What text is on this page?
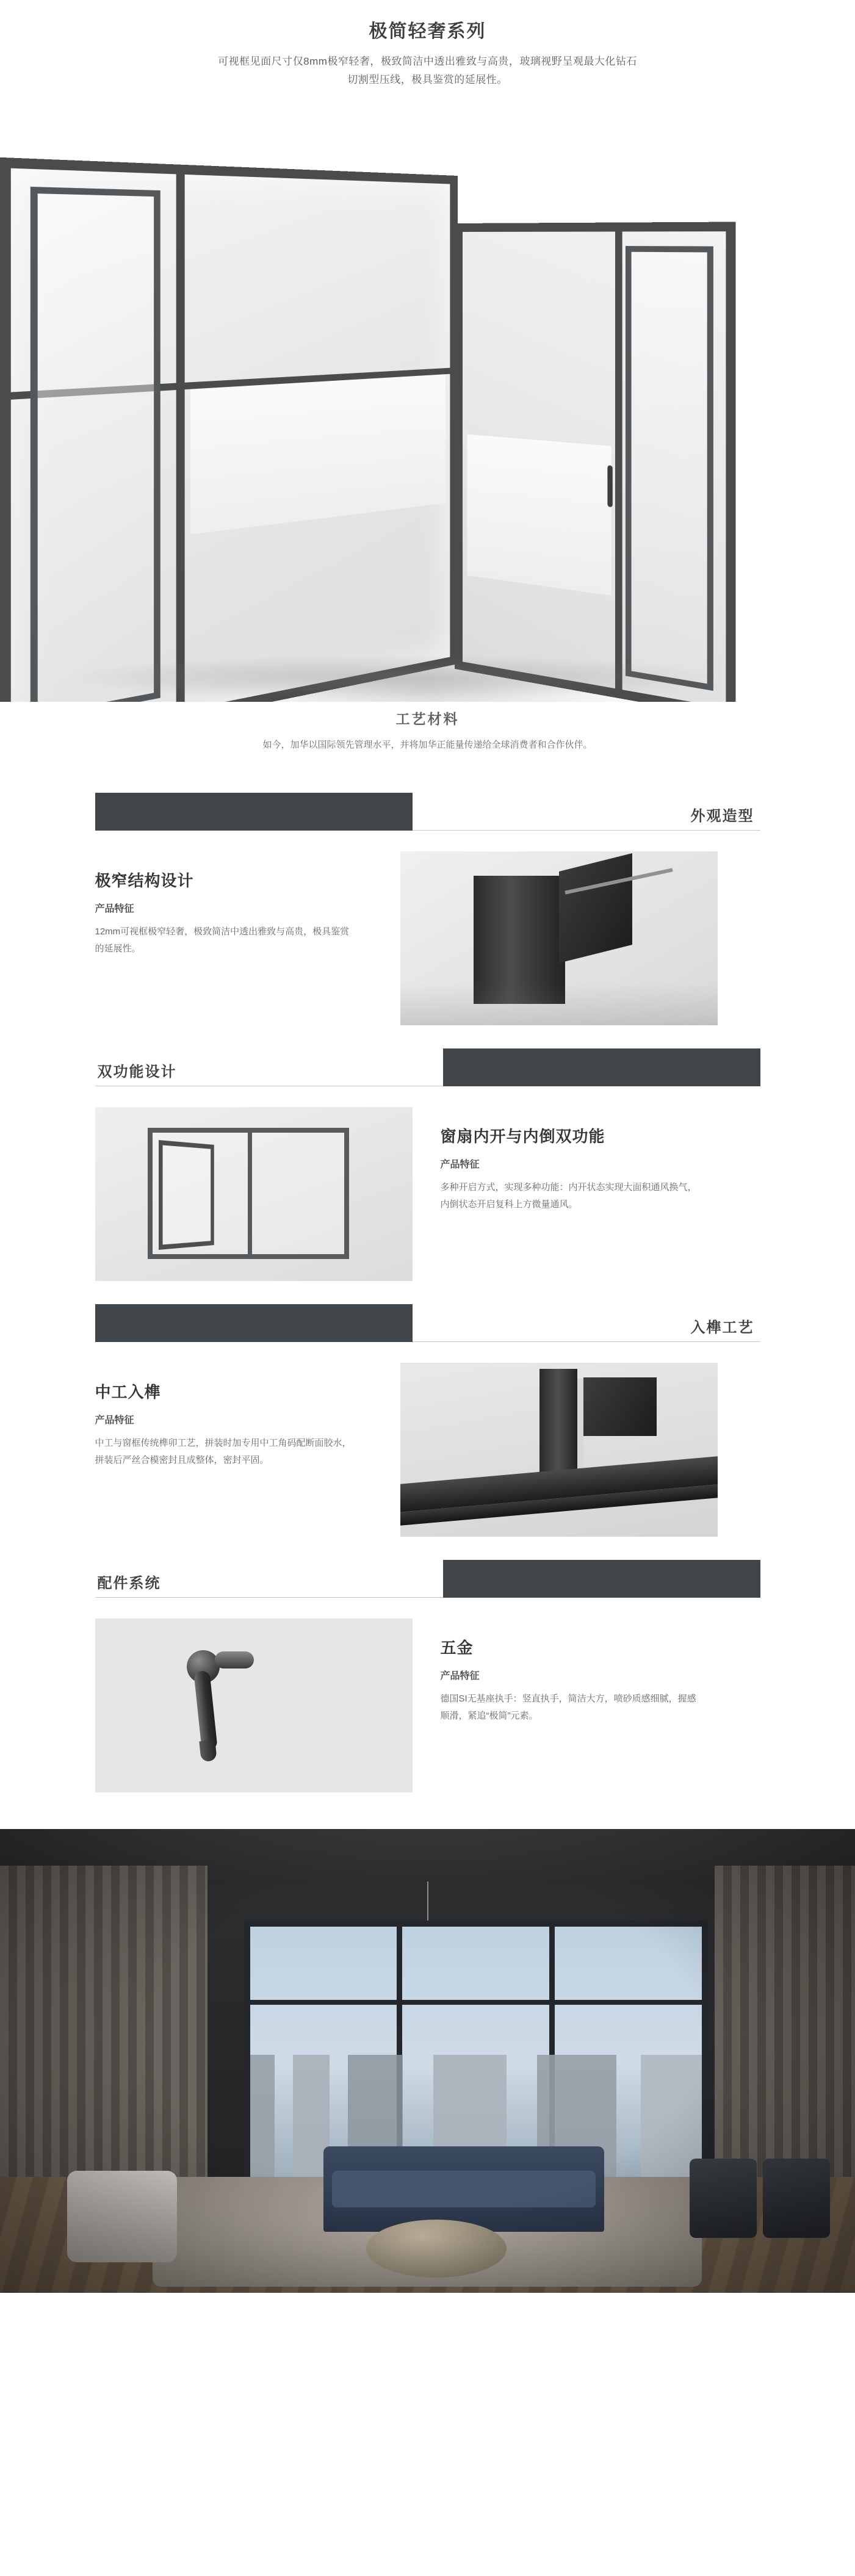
极简轻奢系列

可视框见面尺寸仅8mm极窄轻奢，极致简洁中透出雅致与高贵，玻璃视野呈观最大化钻石切割型压线，极具鉴赏的延展性。

工艺材料

如今，加华以国际领先管理水平，并将加华正能量传递给全球消费者和合作伙伴。

外观造型
极窄结构设计
产品特征

12mm可视框极窄轻奢，极致简洁中透出雅致与高贵，极具鉴赏的延展性。

双功能设计
窗扇内开与内倒双功能
产品特征

多种开启方式，实现多种功能：内开状态实现大面积通风换气，内倒状态开启复科上方微量通风。

入榫工艺
中工入榫
产品特征

中工与窗框传统榫卯工艺，拼装时加专用中工角码配断面胶水，拼装后严丝合模密封且成整体，密封平固。

配件系统
五金
产品特征

德国SI无基座执手：竖直执手，简洁大方，喷砂质感细腻，握感顺滑，紧追“极简”元素。
